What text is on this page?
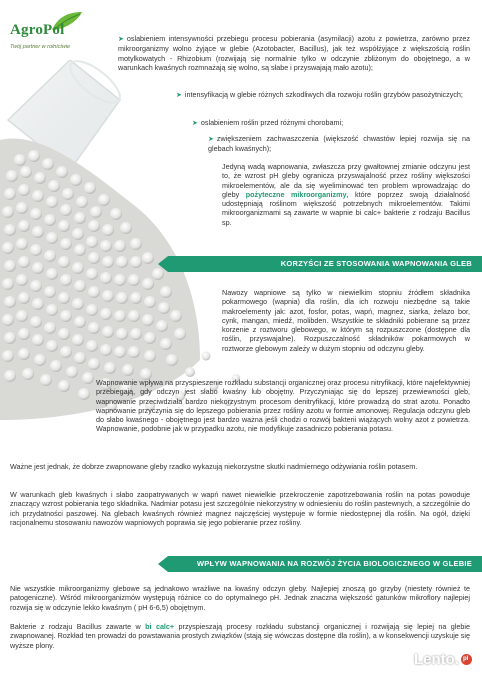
AgroPol
Twój partner w rolnictwie
➤ oslabieniem intensywności przebiegu procesu pobierania (asymilacji) azotu z powietrza, zarówno przez mikroorganizmy wolno żyjące w glebie (Azotobacter, Bacillus), jak też współżyjące z większością roślin motylkowatych - Rhizobium (rozwijają się normalnie tylko w odczynie zbliżonym do obojętnego, a w warunkach kwaśnych rozmnażają się wolno, są słabe i przyswajają mało azotu);
➤ intensyfikacją w glebie różnych szkodliwych dla rozwoju roślin grzybów pasożytniczych;
➤ oslabieniem roślin przed różnymi chorobami;
➤ zwiększeniem zachwaszczenia (większość chwastów lepiej rozwija się na glebach kwaśnych);
Jedyną wadą wapnowania, zwłaszcza przy gwałtownej zmianie odczynu jest to, że wzrost pH gleby ogranicza przyswajalność przez rośliny większości mikroelementów, ale da się wyeliminować ten problem wprowadzając do gleby pożyteczne mikroorganizmy, które poprzez swoją działalność udostępniają roślinom większość potrzebnych mikroelementów. Takimi mikroorganizmami są zawarte w wapnie bi calc+ bakterie z rodzaju Bacillus sp.
KORZYŚCI ZE STOSOWANIA WAPNOWANIA GLEB
Nawozy wapniowe są tylko w niewielkim stopniu źródłem składnika pokarmowego (wapnia) dla roślin, dla ich rozwoju niezbędne są takie makroelementy jak: azot, fosfor, potas, wapń, magnez, siarka, żelazo bor, cynk, mangan, miedź, molibden. Wszystkie te składniki pobierane są przez korzenie z roztworu glebowego, w którym są rozpuszczone (dostępne dla roślin, przyswajalne). Rozpuszczalność składników pokarmowych w roztworze glebowym zależy w dużym stopniu od odczynu gleby.
Wapnowanie wpływa na przyspieszenie rozkładu substancji organicznej oraz procesu nitryfikacji, które najefektywniej przebiegają, gdy odczyn jest słabo kwaśny lub obojętny. Przyczyniając się do lepszej przewiewności gleb, wapnowanie przeciwdziała bardzo niekorzystnym procesom denitryfikacji, które prowadzą do strat azotu. Ponadto wapnowanie przyczynia się do lepszego pobierania przez rośliny azotu w formie amonowej. Regulacja odczynu gleb do słabo kwaśnego - obojętnego jest bardzo ważna jeśli chodzi o rozwój bakterii wiążących wolny azot z powietrza. Wapnowanie, podobnie jak w przypadku azotu, nie modyfikuje zasadniczo pobierania potasu.
Ważne jest jednak, że dobrze zwapnowane gleby rzadko wykazują niekorzystne skutki nadmiernego odżywiania roślin potasem.
W warunkach gleb kwaśnych i słabo zaopatrywanych w wapń nawet niewielkie przekroczenie zapotrzebowania roślin na potas powoduje znaczący wzrost pobierania tego składnika. Nadmiar potasu jest szczególnie niekorzystny w odniesieniu do roślin pastewnych, a szczególnie do ich przydatności paszowej. Na glebach kwaśnych również magnez najczęściej występuje w formie niedostępnej dla roślin. Na ogół, dzięki racjonalnemu stosowaniu nawozów wapniowych poprawia się jego pobieranie przez rośliny.
WPŁYW WAPNOWANIA NA ROZWÓJ ŻYCIA BIOLOGICZNEGO W GLEBIE
Nie wszystkie mikroorganizmy glebowe są jednakowo wrażliwe na kwaśny odczyn gleby. Najlepiej znoszą go grzyby (niestety również te patogeniczne). Wśród mikroorganizmów występują różnice co do optymalnego pH. Jednak znaczna większość gatunków mikroflory najlepiej rozwija się w odczynie lekko kwaśnym ( pH 6-6,5) obojętnym.
Bakterie z rodzaju Bacillus zawarte w bi calc+ przyspieszają procesy rozkładu substancji organicznej i rozwijają się lepiej na glebie zwapnowanej. Rozkład ten prowadzi do powstawania prostych związków (stają się wówczas dostępne dla roślin), a w konsekwencji uzyskuje się wyższe plony.
Lento. pl
